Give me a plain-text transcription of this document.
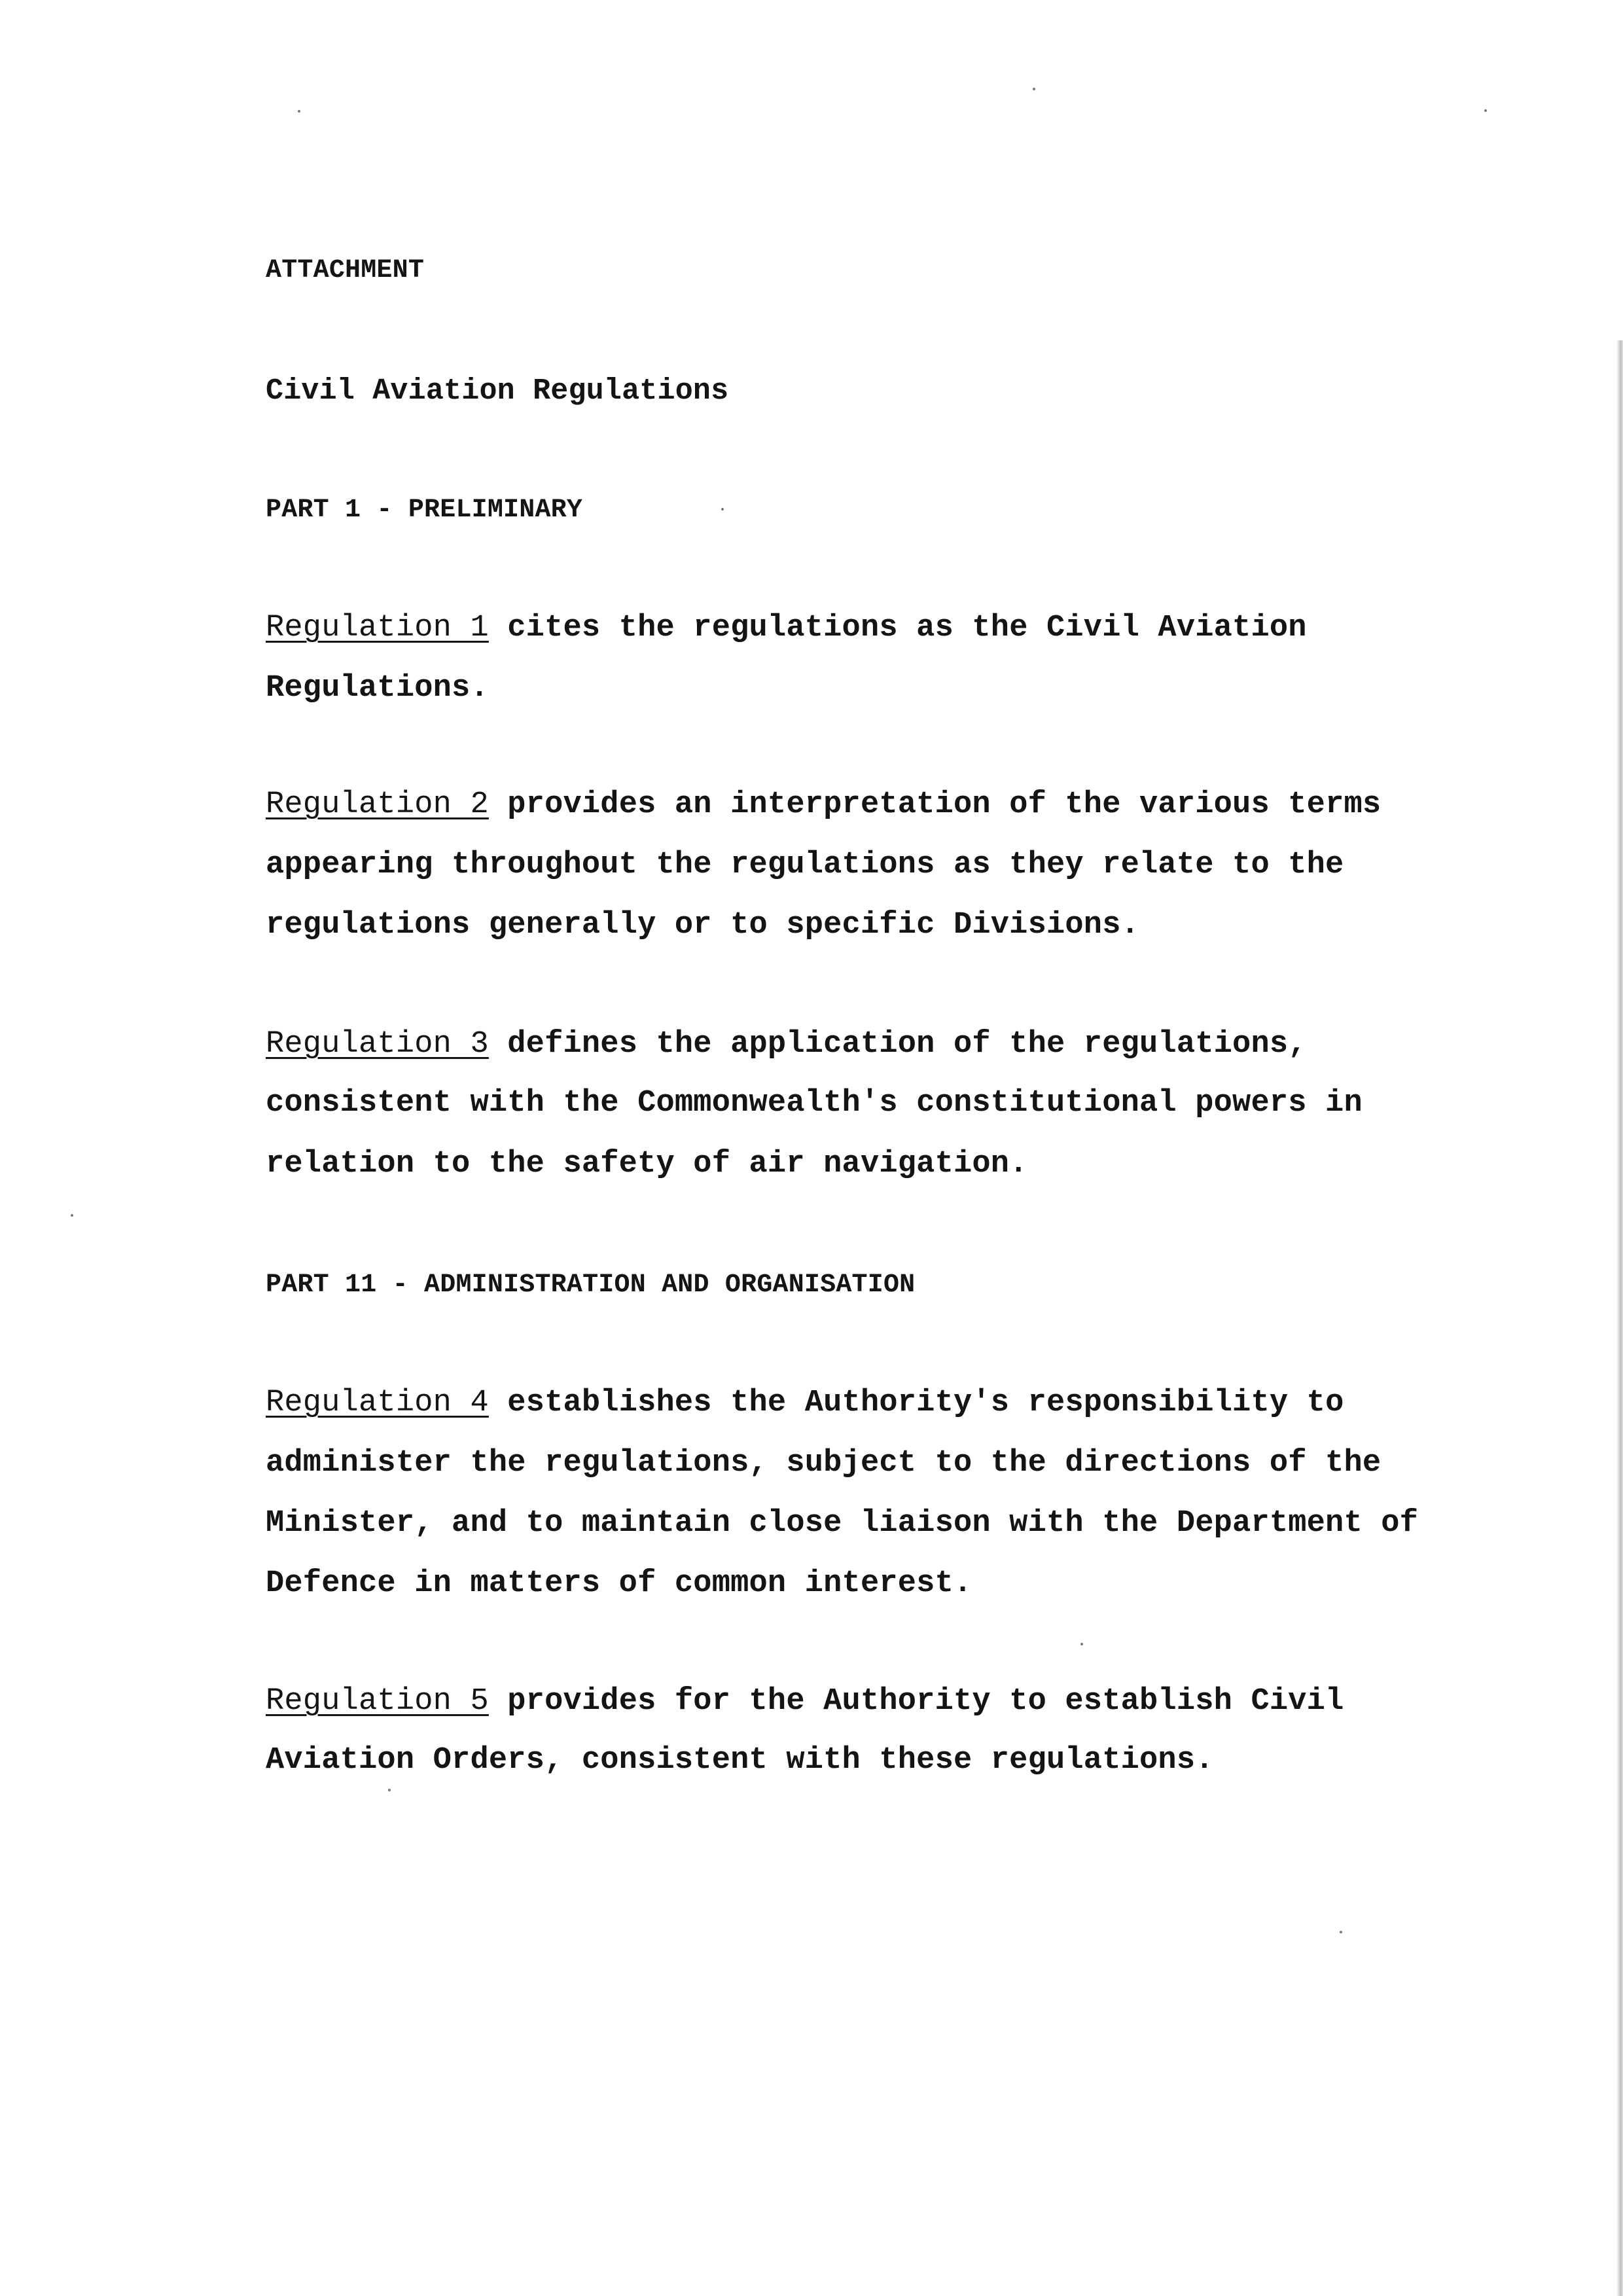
ATTACHMENT

Civil Aviation Regulations

PART 1 - PRELIMINARY

Regulation 1 cites the regulations as the Civil Aviation

Regulations.

Regulation 2 provides an interpretation of the various terms

appearing throughout the regulations as they relate to the

regulations generally or to specific Divisions.

Regulation 3 defines the application of the regulations,

consistent with the Commonwealth's constitutional powers in

relation to the safety of air navigation.

PART 11 - ADMINISTRATION AND ORGANISATION

Regulation 4 establishes the Authority's responsibility to

administer the regulations, subject to the directions of the

Minister, and to maintain close liaison with the Department of

Defence in matters of common interest.

Regulation 5 provides for the Authority to establish Civil

Aviation Orders, consistent with these regulations.
